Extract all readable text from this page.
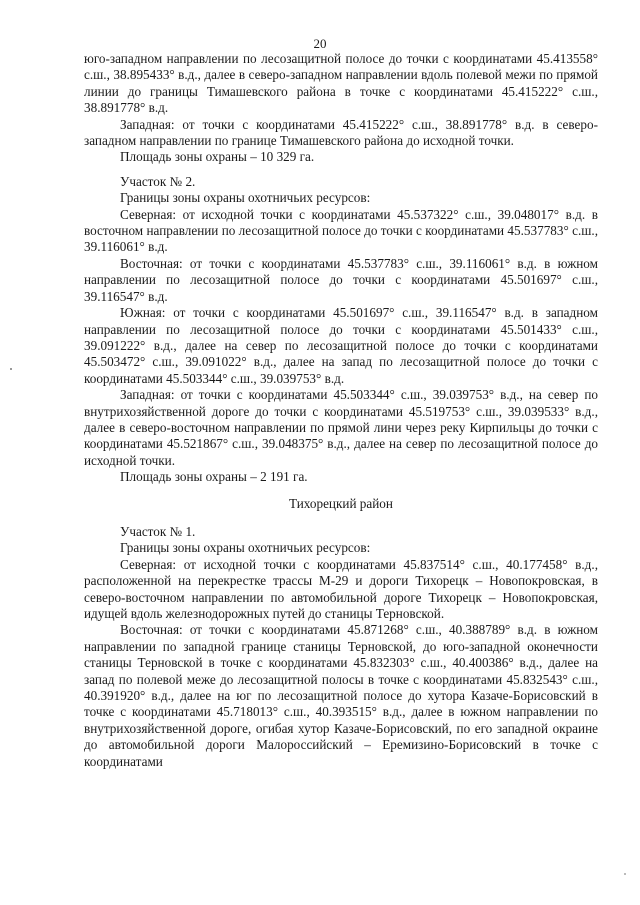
20

юго-западном направлении по лесозащитной полосе до точки с координатами 45.413558° с.ш., 38.895433° в.д., далее в северо-западном направлении вдоль полевой межи по прямой линии до границы Тимашевского района в точке с координатами 45.415222° с.ш., 38.891778° в.д.

Западная: от точки с координатами 45.415222° с.ш., 38.891778° в.д. в северо-западном направлении по границе Тимашевского района до исходной точки.

Площадь зоны охраны – 10 329 га.

Участок № 2.

Границы зоны охраны охотничьих ресурсов:

Северная: от исходной точки с координатами 45.537322° с.ш., 39.048017° в.д. в восточном направлении по лесозащитной полосе до точки с координатами 45.537783° с.ш., 39.116061° в.д.

Восточная: от точки с координатами 45.537783° с.ш., 39.116061° в.д. в южном направлении по лесозащитной полосе до точки с координатами 45.501697° с.ш., 39.116547° в.д.

Южная: от точки с координатами 45.501697° с.ш., 39.116547° в.д. в западном направлении по лесозащитной полосе до точки с координатами 45.501433° с.ш., 39.091222° в.д., далее на север по лесозащитной полосе до точки с координатами 45.503472° с.ш., 39.091022° в.д., далее на запад по лесозащитной полосе до точки с координатами 45.503344° с.ш., 39.039753° в.д.

Западная: от точки с координатами 45.503344° с.ш., 39.039753° в.д., на север по внутрихозяйственной дороге до точки с координатами 45.519753° с.ш., 39.039533° в.д., далее в северо-восточном направлении по прямой лини через реку Кирпильцы до точки с координатами 45.521867° с.ш., 39.048375° в.д., далее на север по лесозащитной полосе до исходной точки.

Площадь зоны охраны – 2 191 га.

Тихорецкий район

Участок № 1.

Границы зоны охраны охотничьих ресурсов:

Северная: от исходной точки с координатами 45.837514° с.ш., 40.177458° в.д., расположенной на перекрестке трассы М-29 и дороги Тихорецк – Новопокровская, в северо-восточном направлении по автомобильной дороге Тихорецк – Новопокровская, идущей вдоль железнодорожных путей до станицы Терновской.

Восточная: от точки с координатами 45.871268° с.ш., 40.388789° в.д. в южном направлении по западной границе станицы Терновской, до юго-западной оконечности станицы Терновской в точке с координатами 45.832303° с.ш., 40.400386° в.д., далее на запад по полевой меже до лесозащитной полосы в точке с координатами 45.832543° с.ш., 40.391920° в.д., далее на юг по лесозащитной полосе до хутора Казаче-Борисовский в точке с координатами 45.718013° с.ш., 40.393515° в.д., далее в южном направлении по внутрихозяйственной дороге, огибая хутор Казаче-Борисовский, по его западной окраине до автомобильной дороги Малороссийский – Еремизино-Борисовский в точке с координатами
